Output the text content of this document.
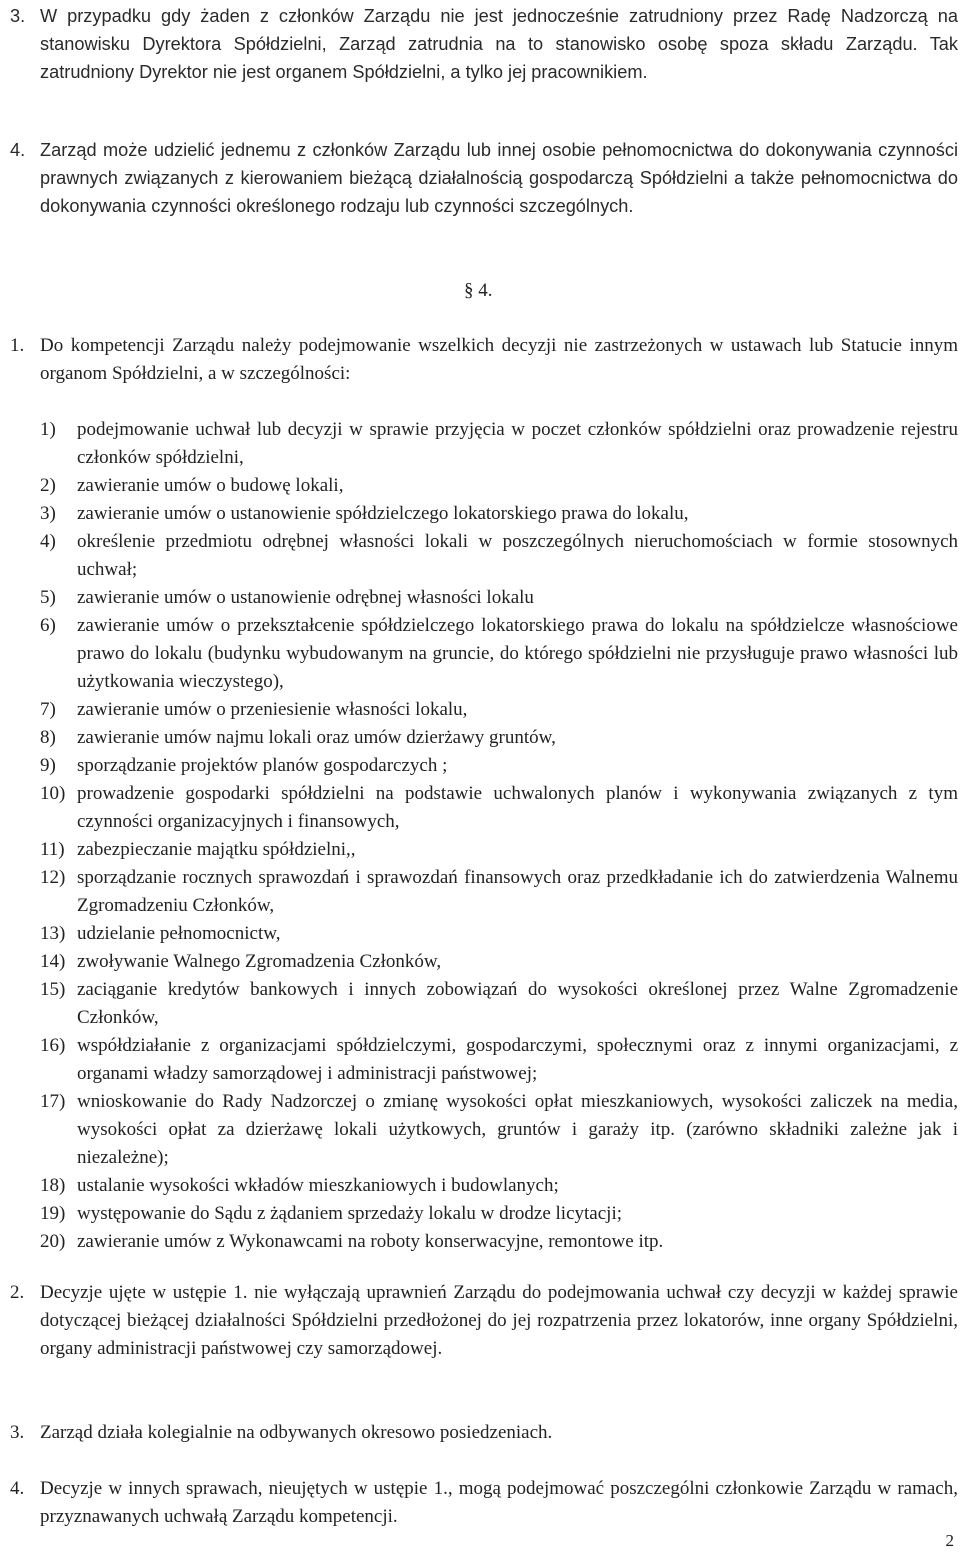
3. W przypadku gdy żaden z członków Zarządu nie jest jednocześnie zatrudniony przez Radę Nadzorczą na stanowisku Dyrektora Spółdzielni, Zarząd zatrudnia na to stanowisko osobę spoza składu Zarządu. Tak zatrudniony Dyrektor nie jest organem Spółdzielni, a tylko jej pracownikiem.
4. Zarząd może udzielić jednemu z członków Zarządu lub innej osobie pełnomocnictwa do dokonywania czynności prawnych związanych z kierowaniem bieżącą działalnością gospodarczą Spółdzielni a także pełnomocnictwa do dokonywania czynności określonego rodzaju lub czynności szczególnych.

§ 4.

1. Do kompetencji Zarządu należy podejmowanie wszelkich decyzji nie zastrzeżonych w ustawach lub Statucie innym organom Spółdzielni, a w szczególności:
1) podejmowanie uchwał lub decyzji w sprawie przyjęcia w poczet członków spółdzielni oraz prowadzenie rejestru członków spółdzielni,
2) zawieranie umów o budowę lokali,
3) zawieranie umów o ustanowienie spółdzielczego lokatorskiego prawa do lokalu,
4) określenie przedmiotu odrębnej własności lokali w poszczególnych nieruchomościach w formie stosownych uchwał;
5) zawieranie umów o ustanowienie odrębnej własności lokalu
6) zawieranie umów o przekształcenie spółdzielczego lokatorskiego prawa do lokalu na spółdzielcze własnościowe prawo do lokalu (budynku wybudowanym na gruncie, do którego spółdzielni nie przysługuje prawo własności lub użytkowania wieczystego),
7) zawieranie umów o przeniesienie własności lokalu,
8) zawieranie umów najmu lokali oraz umów dzierżawy gruntów,
9) sporządzanie projektów planów gospodarczych ;
10) prowadzenie gospodarki spółdzielni na podstawie uchwalonych planów i wykonywania związanych z tym czynności organizacyjnych i finansowych,
11) zabezpieczanie majątku spółdzielni,,
12) sporządzanie rocznych sprawozdań i sprawozdań finansowych oraz przedkładanie ich do zatwierdzenia Walnemu Zgromadzeniu Członków,
13) udzielanie pełnomocnictw,
14) zwoływanie Walnego Zgromadzenia Członków,
15) zaciąganie kredytów bankowych i innych zobowiązań do wysokości określonej przez Walne Zgromadzenie Członków,
16) współdziałanie z organizacjami spółdzielczymi, gospodarczymi, społecznymi oraz z innymi organizacjami, z organami władzy samorządowej i administracji państwowej;
17) wnioskowanie do Rady Nadzorczej o zmianę wysokości opłat mieszkaniowych, wysokości zaliczek na media, wysokości opłat za dzierżawę lokali użytkowych, gruntów i garaży itp. (zarówno składniki zależne jak i niezależne);
18) ustalanie wysokości wkładów mieszkaniowych i budowlanych;
19) występowanie do Sądu z żądaniem sprzedaży lokalu w drodze licytacji;
20) zawieranie umów z Wykonawcami na roboty konserwacyjne, remontowe itp.
2. Decyzje ujęte w ustępie 1. nie wyłączają uprawnień Zarządu do podejmowania uchwał czy decyzji w każdej sprawie dotyczącej bieżącej działalności Spółdzielni przedłożonej do jej rozpatrzenia przez lokatorów, inne organy Spółdzielni, organy administracji państwowej czy samorządowej.
3. Zarząd działa kolegialnie na odbywanych okresowo posiedzeniach.
4. Decyzje w innych sprawach, nieujętych w ustępie 1., mogą podejmować poszczególni członkowie Zarządu w ramach, przyznawanych uchwałą Zarządu kompetencji.

2
